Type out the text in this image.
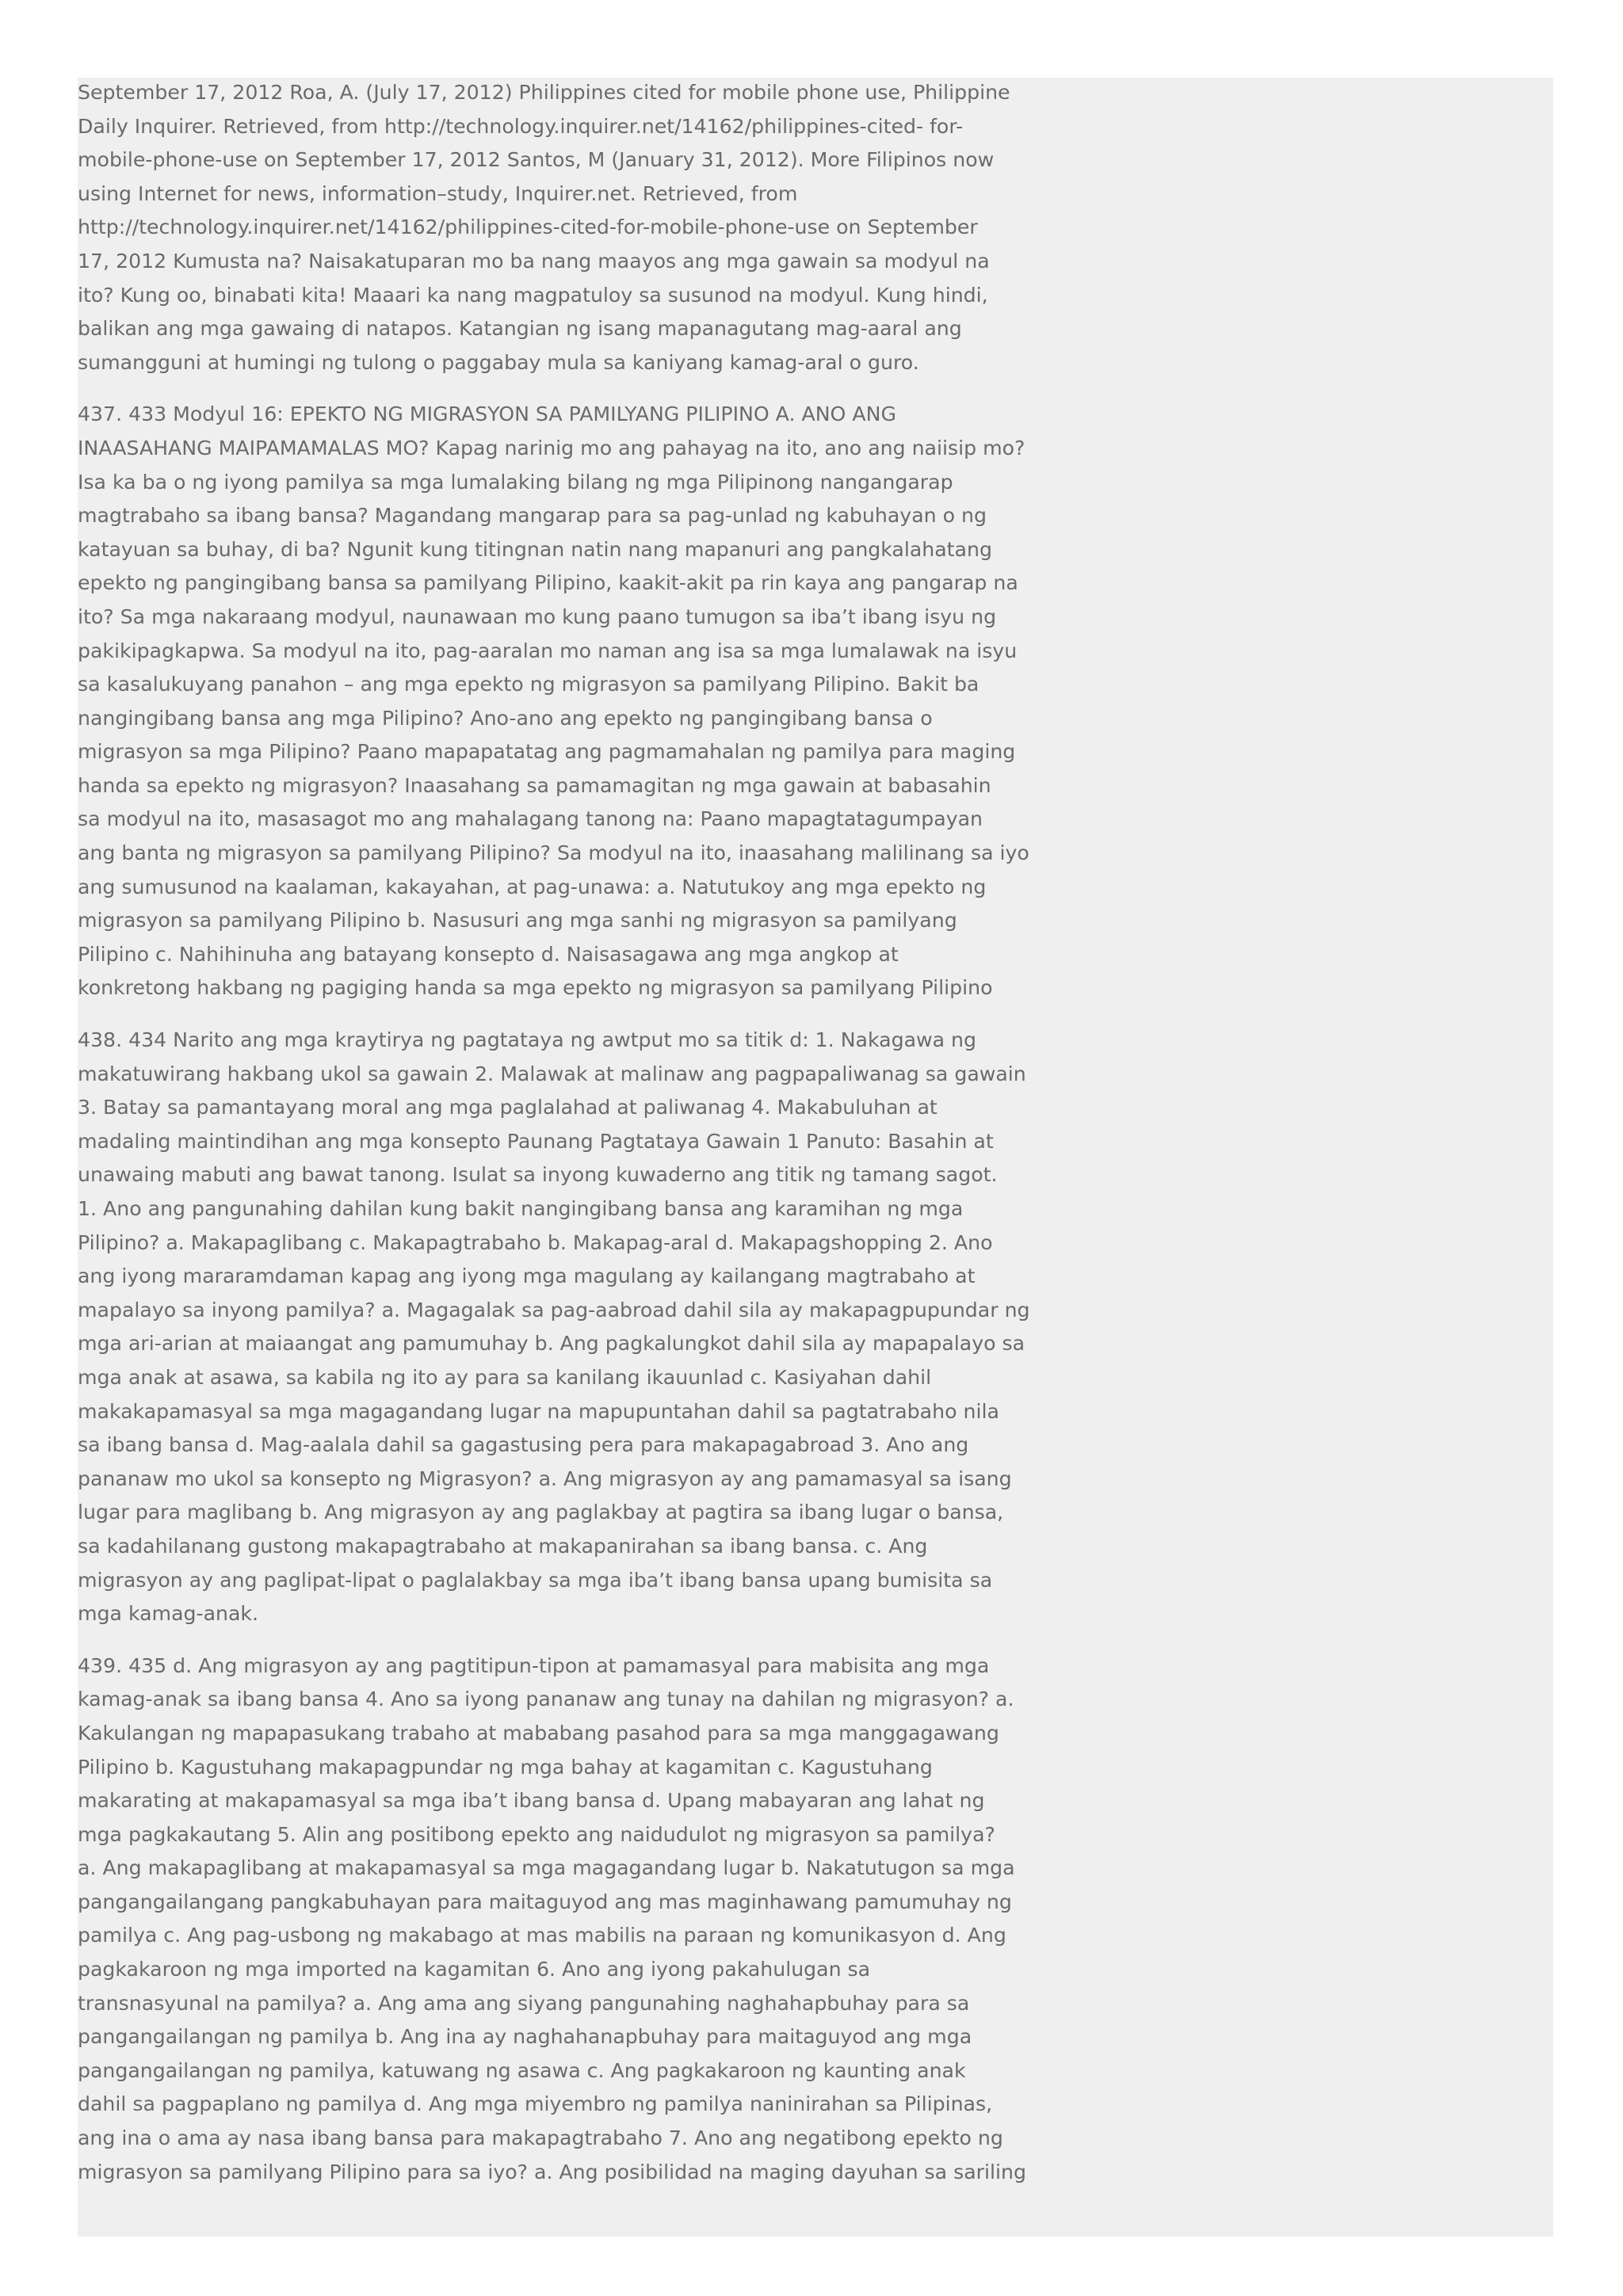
September 17, 2012 Roa, A. (July 17, 2012) Philippines cited for mobile phone use, Philippine
Daily Inquirer. Retrieved, from http://technology.inquirer.net/14162/philippines-cited- for-
mobile-phone-use on September 17, 2012 Santos, M (January 31, 2012). More Filipinos now
using Internet for news, information–study, Inquirer.net. Retrieved, from
http://technology.inquirer.net/14162/philippines-cited-for-mobile-phone-use on September
17, 2012 Kumusta na? Naisakatuparan mo ba nang maayos ang mga gawain sa modyul na
ito? Kung oo, binabati kita! Maaari ka nang magpatuloy sa susunod na modyul. Kung hindi,
balikan ang mga gawaing di natapos. Katangian ng isang mapanagutang mag-aaral ang
sumangguni at humingi ng tulong o paggabay mula sa kaniyang kamag-aral o guro.

437. 433 Modyul 16: EPEKTO NG MIGRASYON SA PAMILYANG PILIPINO A. ANO ANG
INAASAHANG MAIPAMAMALAS MO? Kapag narinig mo ang pahayag na ito, ano ang naiisip mo?
Isa ka ba o ng iyong pamilya sa mga lumalaking bilang ng mga Pilipinong nangangarap
magtrabaho sa ibang bansa? Magandang mangarap para sa pag-unlad ng kabuhayan o ng
katayuan sa buhay, di ba? Ngunit kung titingnan natin nang mapanuri ang pangkalahatang
epekto ng pangingibang bansa sa pamilyang Pilipino, kaakit-akit pa rin kaya ang pangarap na
ito? Sa mga nakaraang modyul, naunawaan mo kung paano tumugon sa iba’t ibang isyu ng
pakikipagkapwa. Sa modyul na ito, pag-aaralan mo naman ang isa sa mga lumalawak na isyu
sa kasalukuyang panahon – ang mga epekto ng migrasyon sa pamilyang Pilipino. Bakit ba
nangingibang bansa ang mga Pilipino? Ano-ano ang epekto ng pangingibang bansa o
migrasyon sa mga Pilipino? Paano mapapatatag ang pagmamahalan ng pamilya para maging
handa sa epekto ng migrasyon? Inaasahang sa pamamagitan ng mga gawain at babasahin
sa modyul na ito, masasagot mo ang mahalagang tanong na: Paano mapagtatagumpayan
ang banta ng migrasyon sa pamilyang Pilipino? Sa modyul na ito, inaasahang malilinang sa iyo
ang sumusunod na kaalaman, kakayahan, at pag-unawa: a. Natutukoy ang mga epekto ng
migrasyon sa pamilyang Pilipino b. Nasusuri ang mga sanhi ng migrasyon sa pamilyang
Pilipino c. Nahihinuha ang batayang konsepto d. Naisasagawa ang mga angkop at
konkretong hakbang ng pagiging handa sa mga epekto ng migrasyon sa pamilyang Pilipino

438. 434 Narito ang mga kraytirya ng pagtataya ng awtput mo sa titik d: 1. Nakagawa ng
makatuwirang hakbang ukol sa gawain 2. Malawak at malinaw ang pagpapaliwanag sa gawain
3. Batay sa pamantayang moral ang mga paglalahad at paliwanag 4. Makabuluhan at
madaling maintindihan ang mga konsepto Paunang Pagtataya Gawain 1 Panuto: Basahin at
unawaing mabuti ang bawat tanong. Isulat sa inyong kuwaderno ang titik ng tamang sagot.
1. Ano ang pangunahing dahilan kung bakit nangingibang bansa ang karamihan ng mga
Pilipino? a. Makapaglibang c. Makapagtrabaho b. Makapag-aral d. Makapagshopping 2. Ano
ang iyong mararamdaman kapag ang iyong mga magulang ay kailangang magtrabaho at
mapalayo sa inyong pamilya? a. Magagalak sa pag-aabroad dahil sila ay makapagpupundar ng
mga ari-arian at maiaangat ang pamumuhay b. Ang pagkalungkot dahil sila ay mapapalayo sa
mga anak at asawa, sa kabila ng ito ay para sa kanilang ikauunlad c. Kasiyahan dahil
makakapamasyal sa mga magagandang lugar na mapupuntahan dahil sa pagtatrabaho nila
sa ibang bansa d. Mag-aalala dahil sa gagastusing pera para makapagabroad 3. Ano ang
pananaw mo ukol sa konsepto ng Migrasyon? a. Ang migrasyon ay ang pamamasyal sa isang
lugar para maglibang b. Ang migrasyon ay ang paglakbay at pagtira sa ibang lugar o bansa,
sa kadahilanang gustong makapagtrabaho at makapanirahan sa ibang bansa. c. Ang
migrasyon ay ang paglipat-lipat o paglalakbay sa mga iba’t ibang bansa upang bumisita sa
mga kamag-anak.

439. 435 d. Ang migrasyon ay ang pagtitipun-tipon at pamamasyal para mabisita ang mga
kamag-anak sa ibang bansa 4. Ano sa iyong pananaw ang tunay na dahilan ng migrasyon? a.
Kakulangan ng mapapasukang trabaho at mababang pasahod para sa mga manggagawang
Pilipino b. Kagustuhang makapagpundar ng mga bahay at kagamitan c. Kagustuhang
makarating at makapamasyal sa mga iba’t ibang bansa d. Upang mabayaran ang lahat ng
mga pagkakautang 5. Alin ang positibong epekto ang naidudulot ng migrasyon sa pamilya?
a. Ang makapaglibang at makapamasyal sa mga magagandang lugar b. Nakatutugon sa mga
pangangailangang pangkabuhayan para maitaguyod ang mas maginhawang pamumuhay ng
pamilya c. Ang pag-usbong ng makabago at mas mabilis na paraan ng komunikasyon d. Ang
pagkakaroon ng mga imported na kagamitan 6. Ano ang iyong pakahulugan sa
transnasyunal na pamilya? a. Ang ama ang siyang pangunahing naghahapbuhay para sa
pangangailangan ng pamilya b. Ang ina ay naghahanapbuhay para maitaguyod ang mga
pangangailangan ng pamilya, katuwang ng asawa c. Ang pagkakaroon ng kaunting anak
dahil sa pagpaplano ng pamilya d. Ang mga miyembro ng pamilya naninirahan sa Pilipinas,
ang ina o ama ay nasa ibang bansa para makapagtrabaho 7. Ano ang negatibong epekto ng
migrasyon sa pamilyang Pilipino para sa iyo? a. Ang posibilidad na maging dayuhan sa sariling
